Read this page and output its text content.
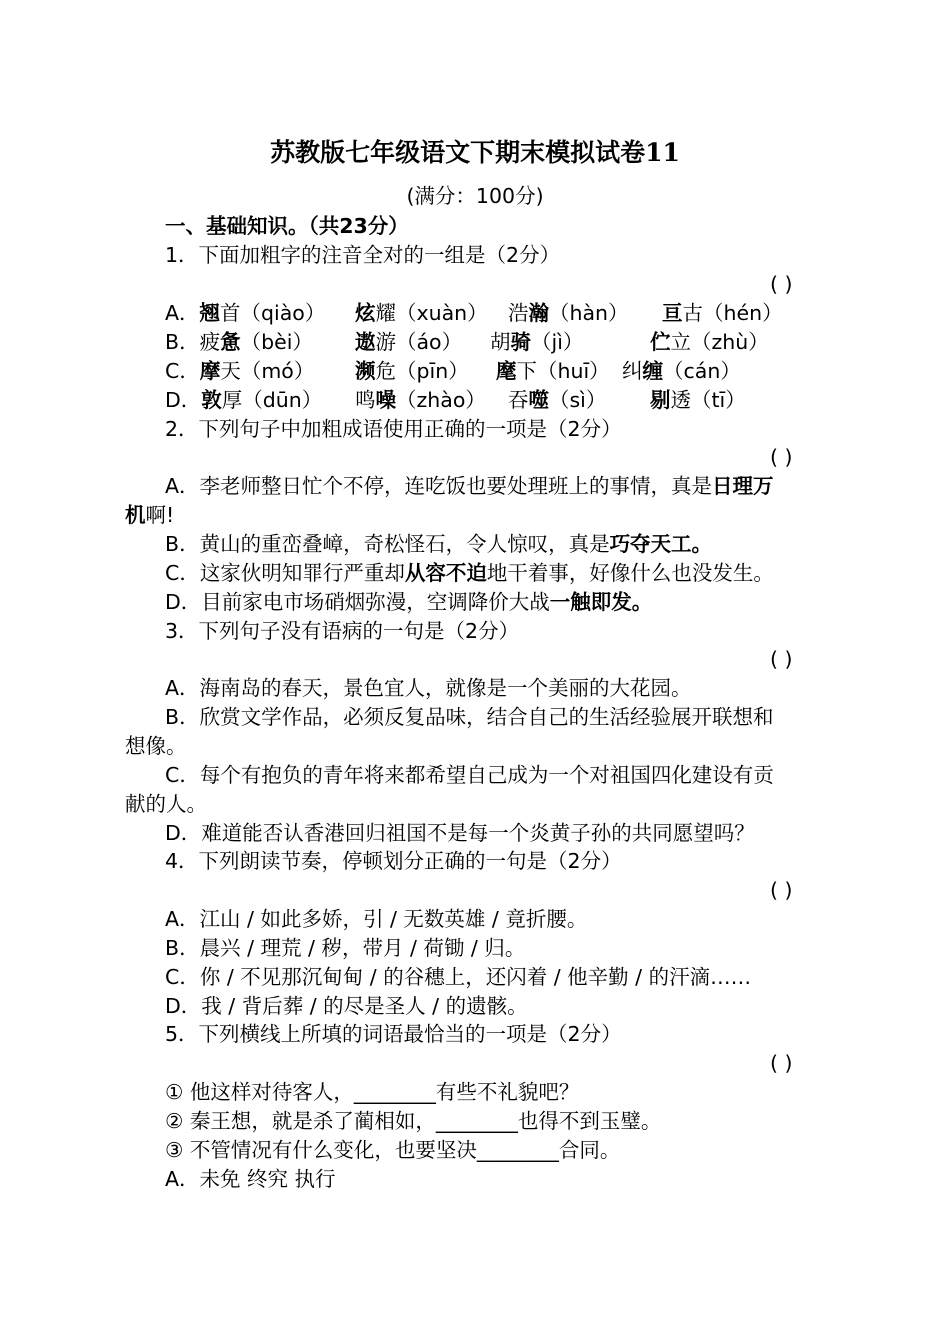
苏教版七年级语文下期末模拟试卷11
(满分：100分)
一、基础知识。（共23分）
1．下面加粗字的注音全对的一组是（2分）
( )
A．翘首（qiào） 炫耀（xuàn） 浩瀚（hàn） 亘古（hén）
B．疲惫（bèi） 遨游（áo） 胡骑（jì）	伫立（zhù）
C．摩天（mó） 濒危（pīn） 麾下（huī） 纠缠（cán）
D．敦厚（dūn） 鸣噪（zhào） 吞噬（sì） 剔透（tī）
2．下列句子中加粗成语使用正确的一项是（2分）
( )
A．李老师整日忙个不停，连吃饭也要处理班上的事情，真是日理万
机啊!
B．黄山的重峦叠嶂，奇松怪石，令人惊叹，真是巧夺天工。
C．这家伙明知罪行严重却从容不迫地干着事，好像什么也没发生。
D．目前家电市场硝烟弥漫，空调降价大战一触即发。
3．下列句子没有语病的一句是（2分）
( )
A．海南岛的春天，景色宜人，就像是一个美丽的大花园。
B．欣赏文学作品，必须反复品味，结合自己的生活经验展开联想和
想像。
C．每个有抱负的青年将来都希望自己成为一个对祖国四化建设有贡
献的人。
D．难道能否认香港回归祖国不是每一个炎黄子孙的共同愿望吗？
4．下列朗读节奏，停顿划分正确的一句是（2分）
( )
A．江山 / 如此多娇，引 / 无数英雄 / 竟折腰。
B．晨兴 / 理荒 / 秽，带月 / 荷锄 / 归。
C．你 / 不见那沉甸甸 / 的谷穗上，还闪着 / 他辛勤 / 的汗滴……
D．我 / 背后葬 / 的尽是圣人 / 的遗骸。
5．下列横线上所填的词语最恰当的一项是（2分）
( )
① 他这样对待客人，________有些不礼貌吧？
② 秦王想，就是杀了蔺相如，________也得不到玉璧。
③ 不管情况有什么变化，也要坚决________合同。
A．未免 终究 执行
